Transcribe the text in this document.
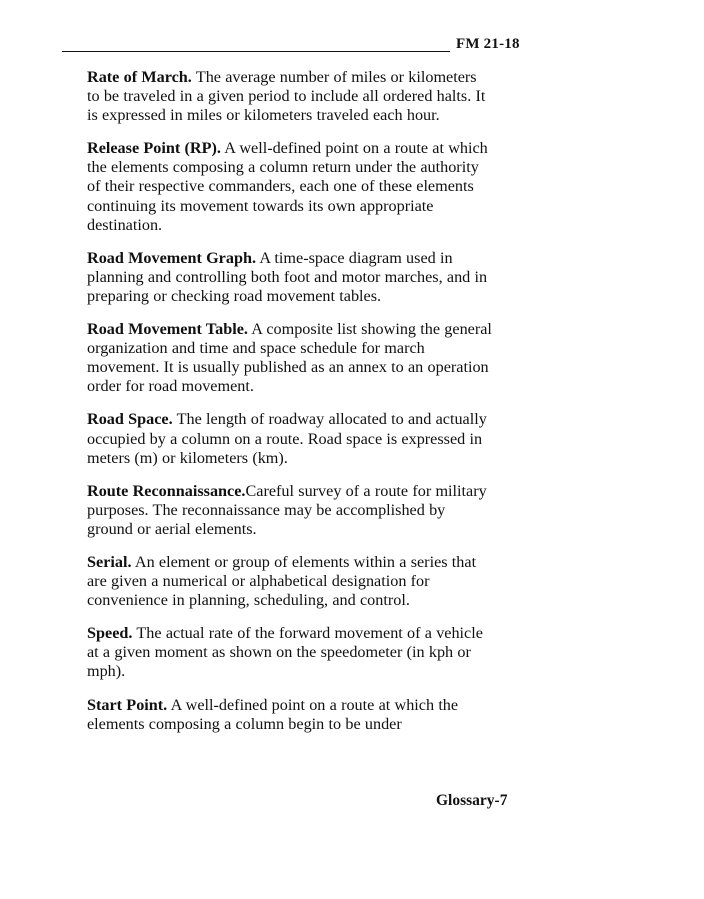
FM 21-18

Rate of March. The average number of miles or kilometers to be traveled in a given period to include all ordered halts. It is expressed in miles or kilometers traveled each hour.

Release Point (RP). A well-defined point on a route at which the elements composing a column return under the authority of their respective commanders, each one of these elements continuing its movement towards its own appropriate destination.

Road Movement Graph. A time-space diagram used in planning and controlling both foot and motor marches, and in preparing or checking road movement tables.

Road Movement Table. A composite list showing the general organization and time and space schedule for march movement. It is usually published as an annex to an operation order for road movement.

Road Space. The length of roadway allocated to and actually occupied by a column on a route. Road space is expressed in meters (m) or kilometers (km).

Route Reconnaissance.Careful survey of a route for military purposes. The reconnaissance may be accomplished by ground or aerial elements.

Serial. An element or group of elements within a series that are given a numerical or alphabetical designation for convenience in planning, scheduling, and control.

Speed. The actual rate of the forward movement of a vehicle at a given moment as shown on the speedometer (in kph or mph).

Start Point. A well-defined point on a route at which the elements composing a column begin to be under

Glossary-7
